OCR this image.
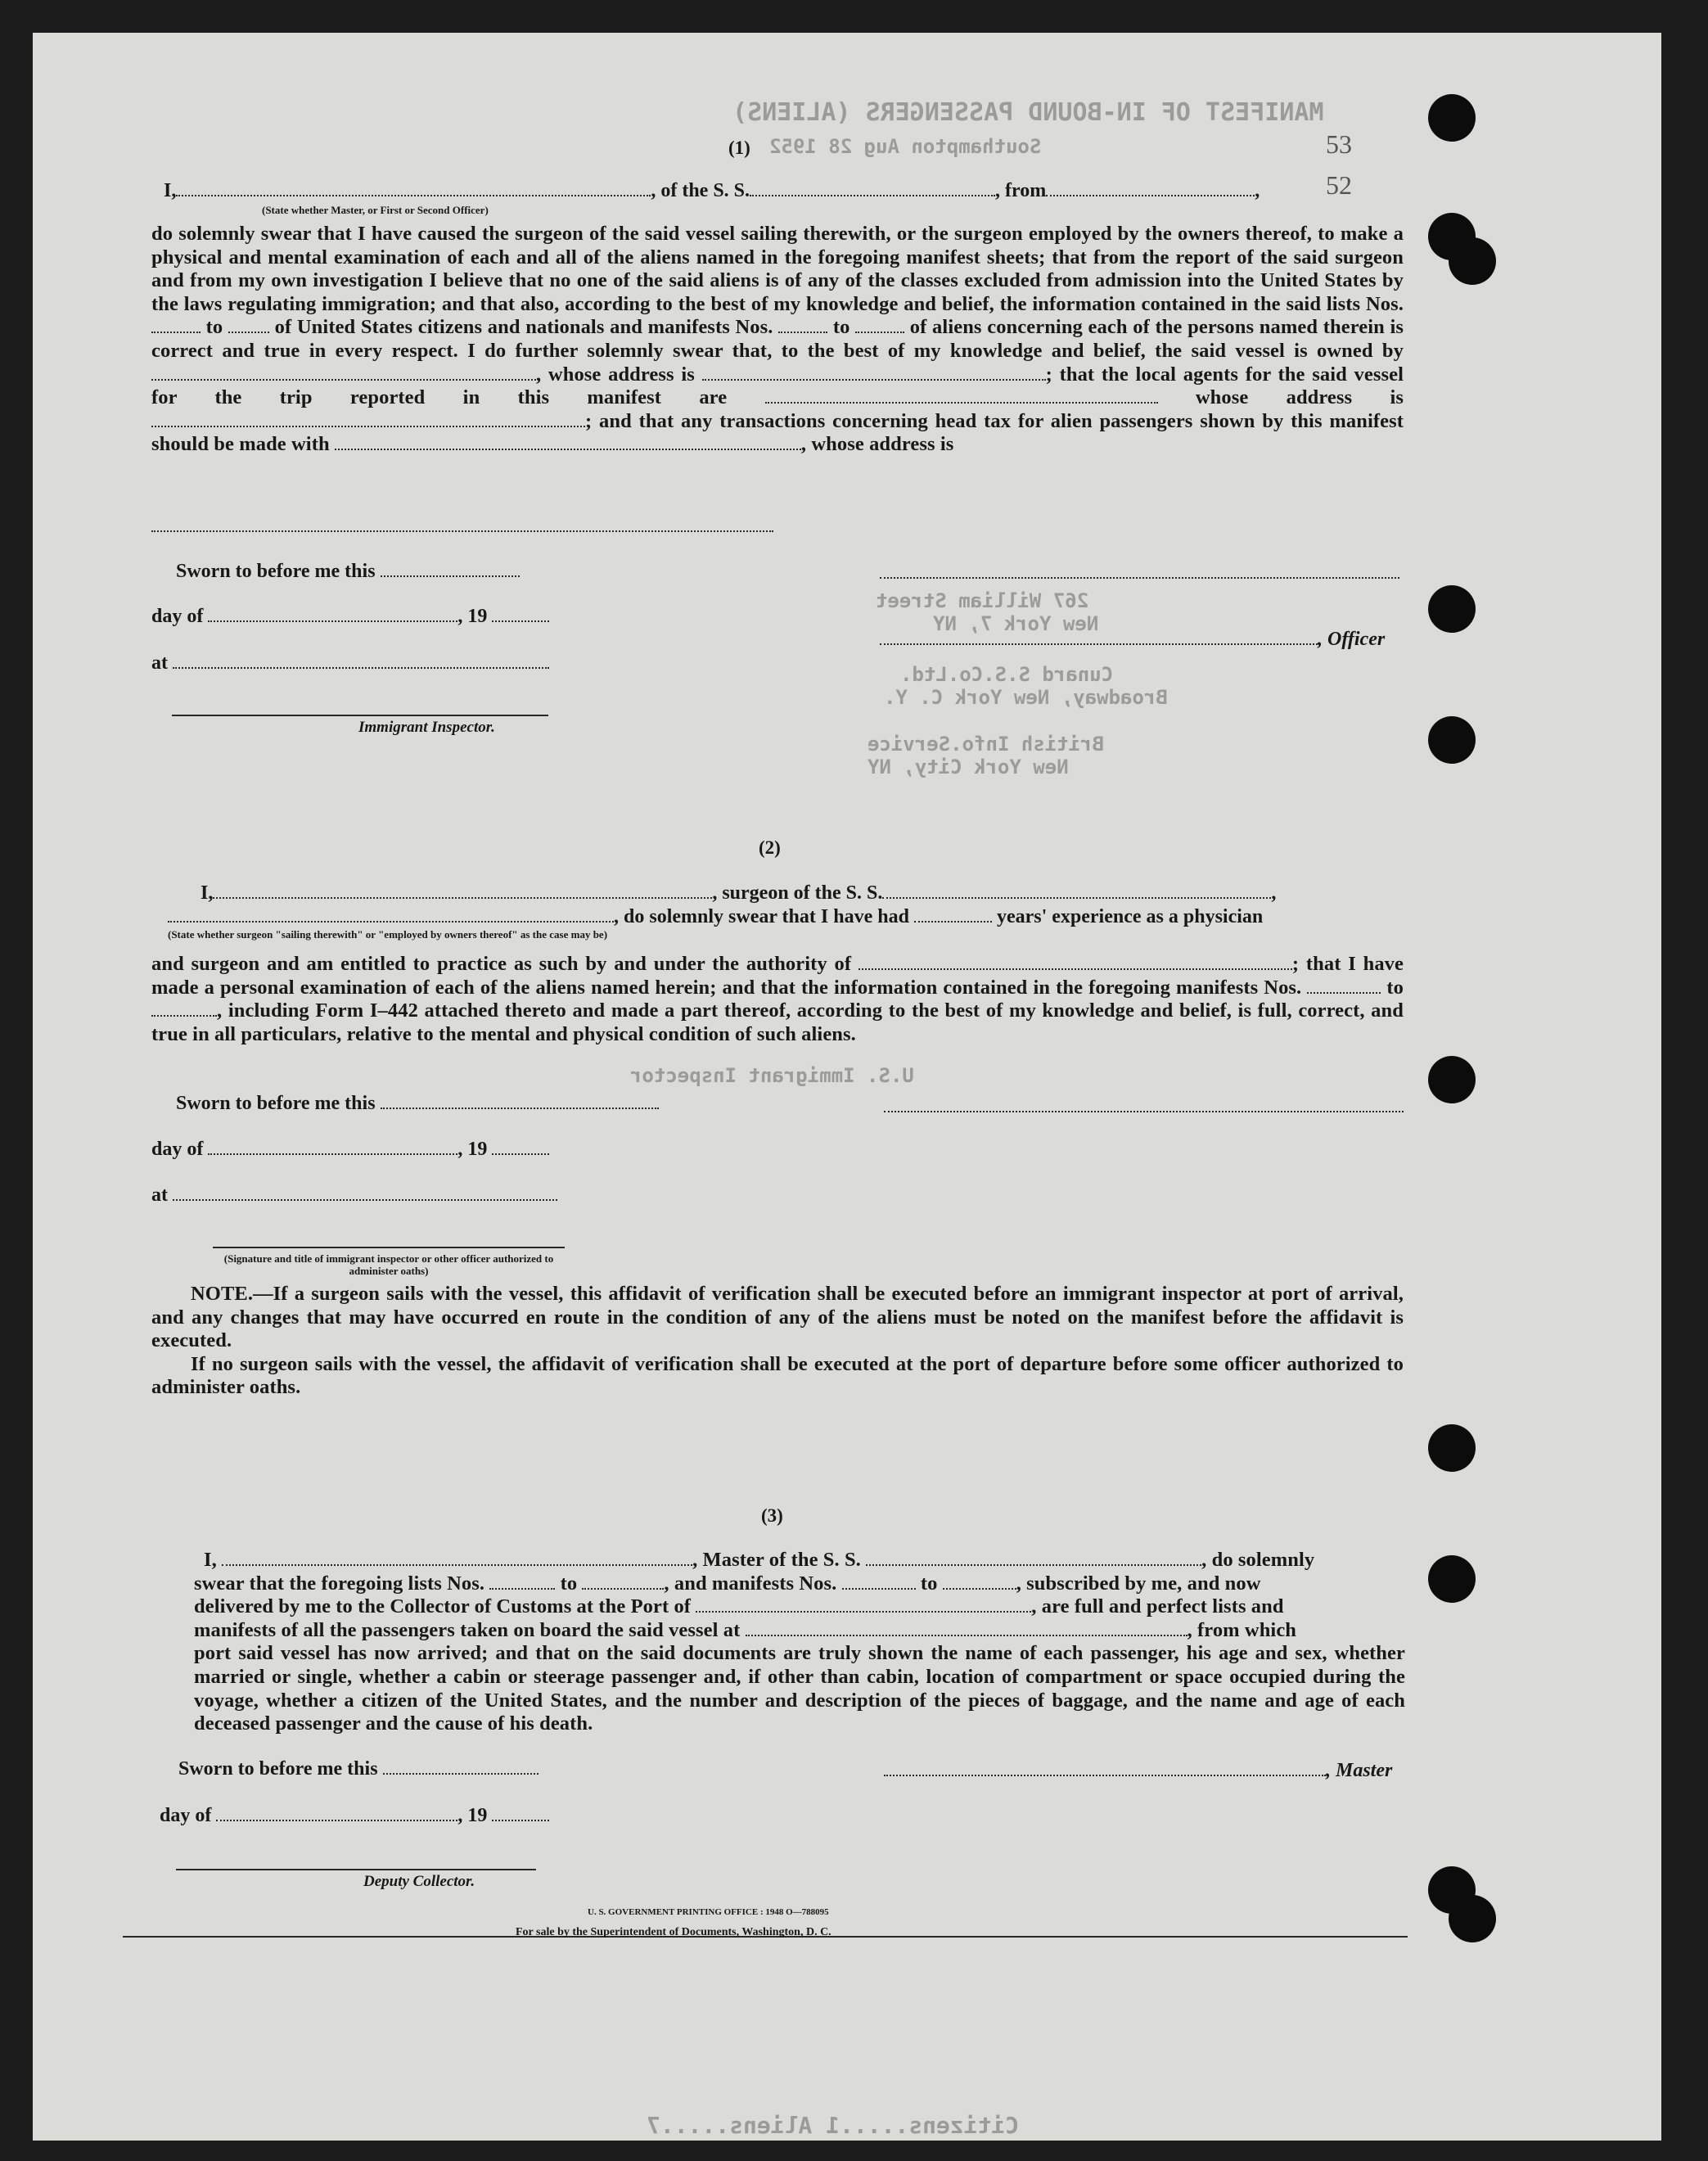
MANIFEST OF IN-BOUND PASSENGERS (ALIENS)
Southampton Aug 28 1952
267 William Street
New York 7, NY
Cunard S.S.Co.Ltd.
Broadway, New York C. Y.
British Info.Service
New York City, NY
U.S. Immigrant Inspector
Citizens.....1 Aliens.....7
53
52
(1)
I,	, of the S. S.	, from	,
(State whether Master, or First or Second Officer)

do solemnly swear that I have caused the surgeon of the said vessel sailing therewith, or the surgeon employed by the owners thereof, to make a physical and mental examination of each and all of the aliens named in the foregoing manifest sheets; that from the report of the said surgeon and from my own investigation I believe that no one of the said aliens is of any of the classes excluded from admission into the United States by the laws regulating immigration; and that also, according to the best of my knowledge and belief, the information contained in the said lists Nos.  to	of United States citizens and nationals and manifests Nos.	to	of aliens concerning each of the persons named therein is correct and true in every respect. I do further solemnly swear that, to the best of my knowledge and belief, the said vessel is owned by , whose address is	; that the local agents for the said vessel for the trip reported in this manifest are	whose address is ; and that any transactions concerning head tax for alien passengers shown by this manifest should be made with	, whose address is

Sworn to before me this
day of	, 19
at
Immigrant Inspector.
, Officer
(2)
I,	, surgeon of the S. S.	,
, do solemnly swear that I have had	years' experience as a physician
(State whether surgeon "sailing therewith" or "employed by owners thereof" as the case may be)

and surgeon and am entitled to practice as such by and under the authority of	; that I have made a personal examination of each of the aliens named herein; and that the information contained in the foregoing manifests Nos.	to , including Form I–442 attached thereto and made a part thereof, according to the best of my knowledge and belief, is full, correct, and true in all particulars, relative to the mental and physical condition of such aliens.

Sworn to before me this
day of	, 19
at
(Signature and title of immigrant inspector or other officer authorized to administer oaths)

NOTE.—If a surgeon sails with the vessel, this affidavit of verification shall be executed before an immigrant inspector at port of arrival, and any changes that may have occurred en route in the condition of any of the aliens must be noted on the manifest before the affidavit is executed.

If no surgeon sails with the vessel, the affidavit of verification shall be executed at the port of departure before some officer authorized to administer oaths.

(3)

I,	, Master of the S. S.	, do solemnly
swear that the foregoing lists Nos.	to	, and manifests Nos.	to	, subscribed by me, and now
delivered by me to the Collector of Customs at the Port of	, are full and perfect lists and
manifests of all the passengers taken on board the said vessel at	, from which
port said vessel has now arrived; and that on the said documents are truly shown the name of each passenger, his age and sex, whether married or single, whether a cabin or steerage passenger and, if other than cabin, location of compartment or space occupied during the voyage, whether a citizen of the United States, and the number and description of the pieces of baggage, and the name and age of each deceased passenger and the cause of his death.

Sworn to before me this	, Master
day of	, 19
Deputy Collector.
U. S. GOVERNMENT PRINTING OFFICE : 1948 O—788095
For sale by the Superintendent of Documents, Washington, D. C.
